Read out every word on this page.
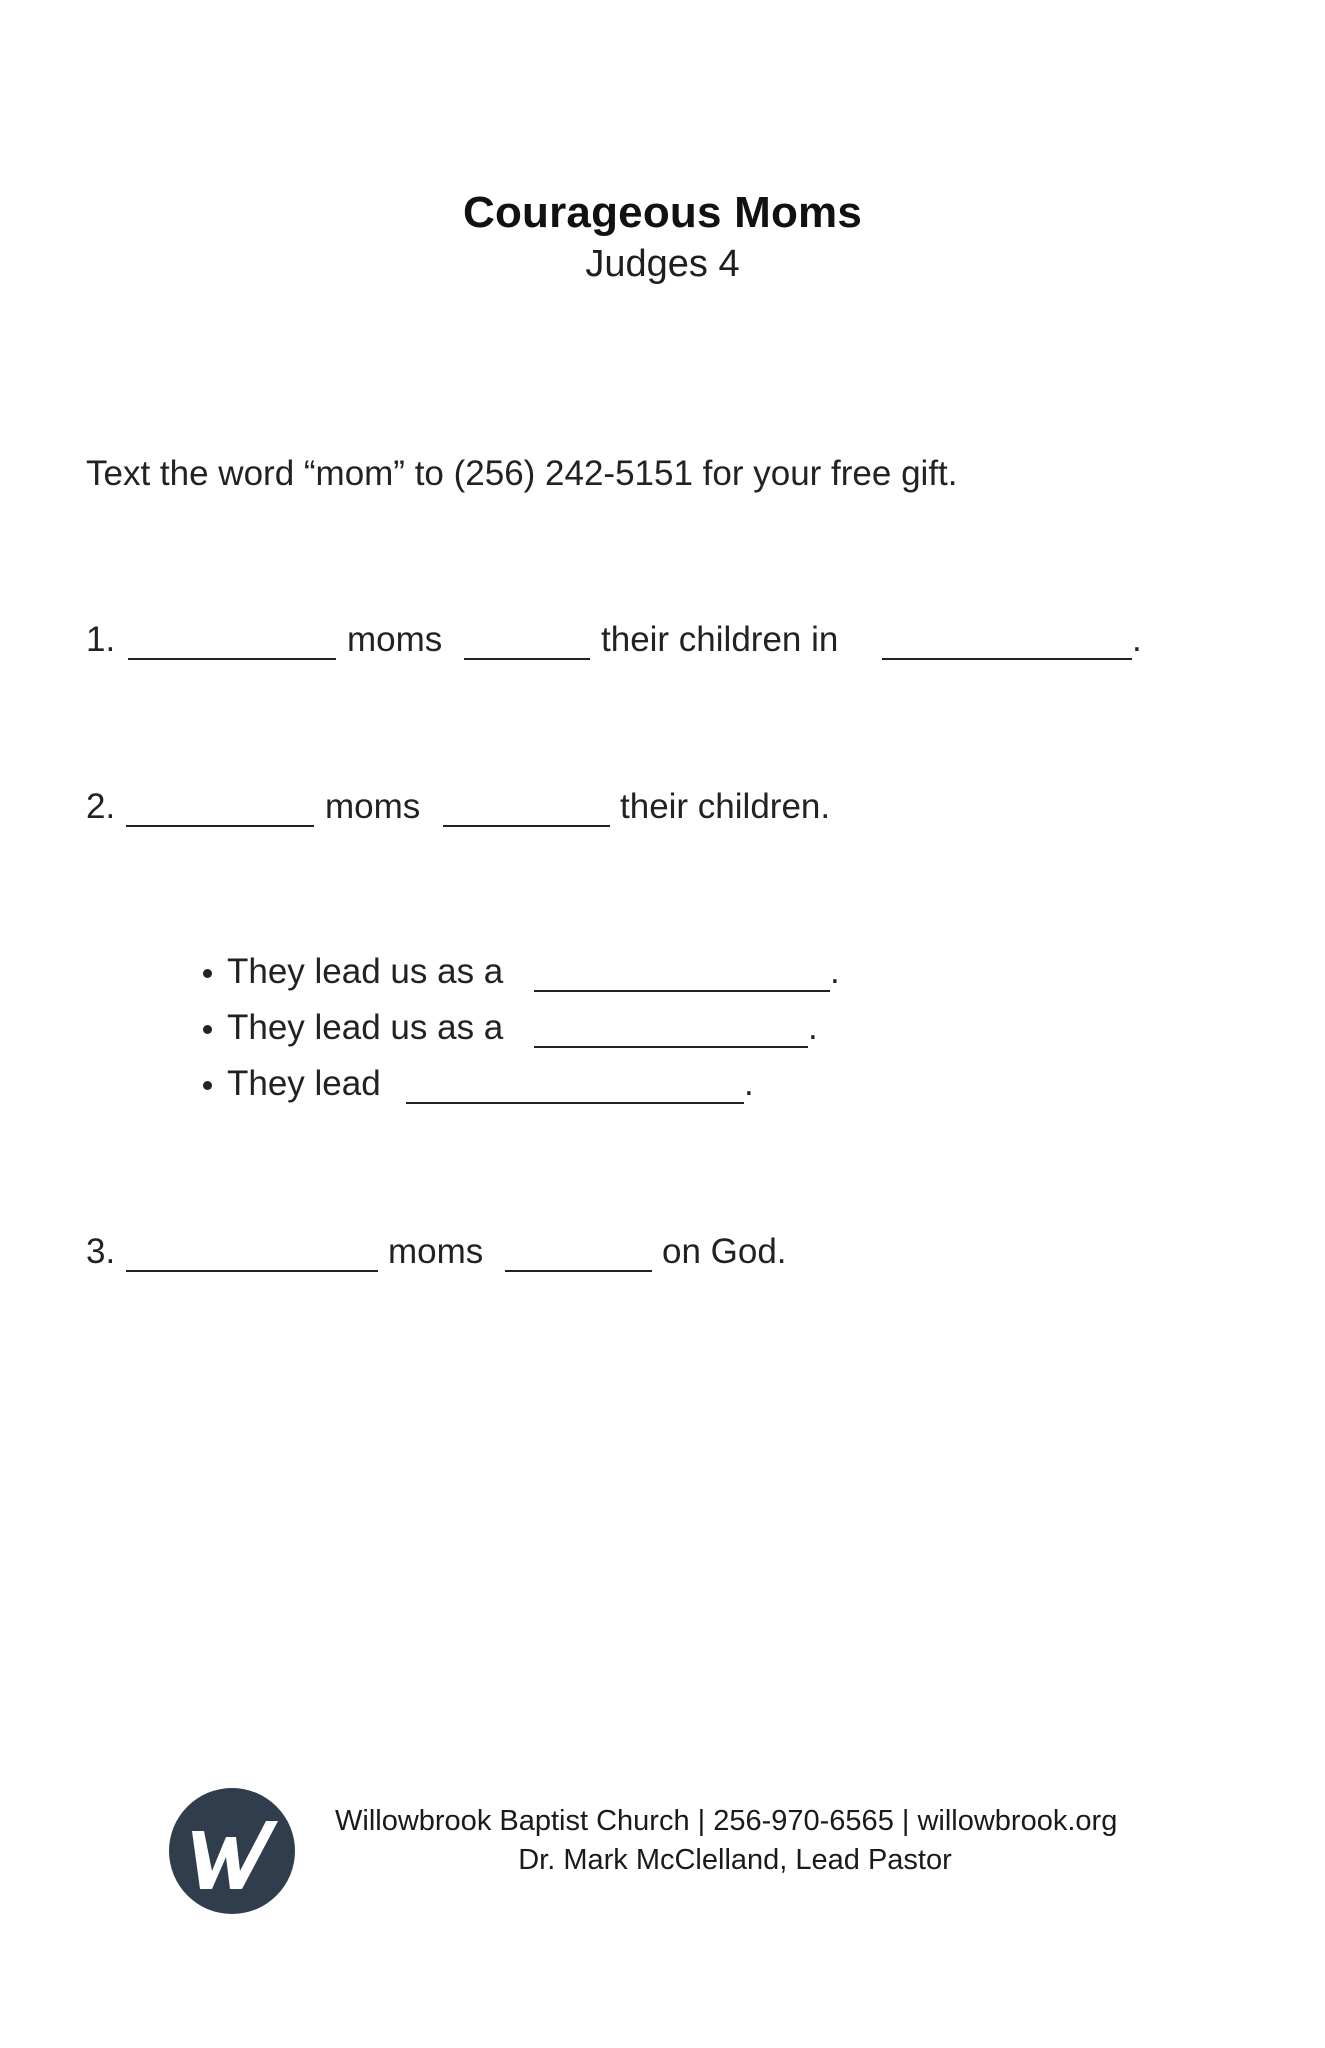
Courageous Moms
Judges 4
Text the word “mom” to (256) 242-5151 for your free gift.
1.	moms	their children in	.
2.	moms	their children.
They lead us as a	.
They lead us as a	.
They lead	.
3.	moms	on God.
Willowbrook Baptist Church | 256-970-6565 | willowbrook.org
Dr. Mark McClelland, Lead Pastor
